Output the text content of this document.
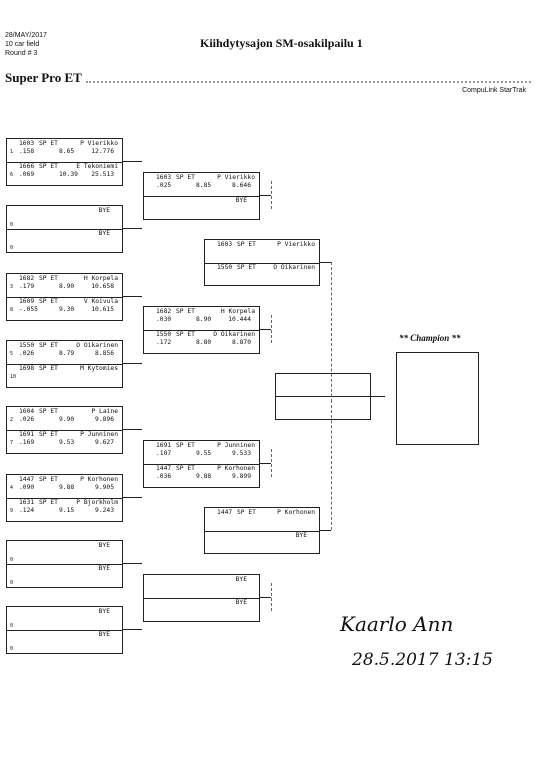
28/MAY/2017
10 car field
Round # 3
Kiihdytysajon SM-osakilpailu 1
Super Pro ET
CompuLink StarTrak
1603 SP ET	P Vierikko
.158	8.65	12.776
1
1666 SP ET	E Tekoniemi
.069	10.39 25.513
6
BYE
0
BYE
0
1682 SP ET	H Korpela
.179	8.90	10.658
3
1609 SP ET	V Koivula
-.055	9.30	10.615
8
1550 SP ET	O Oikarinen
.026	8.79	8.856
5
1698 SP ET	M Kytomies
10
1604 SP ET	P Laine
.026	9.90	9.896
2
1691 SP ET	P Junninen
.169	9.53	9.627
7
1447 SP ET	P Korhonen
.090	9.88	9.905
4
1631 SP ET	P Bjorkholm
.124	9.15	9.243
9
BYE
0
BYE
0
BYE
0
BYE
0
1603 SP ET	P Vierikko
.025	8.85	8.646
BYE
1682 SP ET	H Korpela
.030	8.90	10.444
1550 SP ET	O Oikarinen
.172	8.80	8.870
1691 SP ET	P Junninen
.107	9.55	9.533
1447 SP ET	P Korhonen
.036	9.88	9.899
BYE
BYE
1603 SP ET	P Vierikko
1550 SP ET	O Oikarinen
1447 SP ET	P Korhonen
BYE
** Champion **
Kaarlo Ann
28.5.2017 13:15
